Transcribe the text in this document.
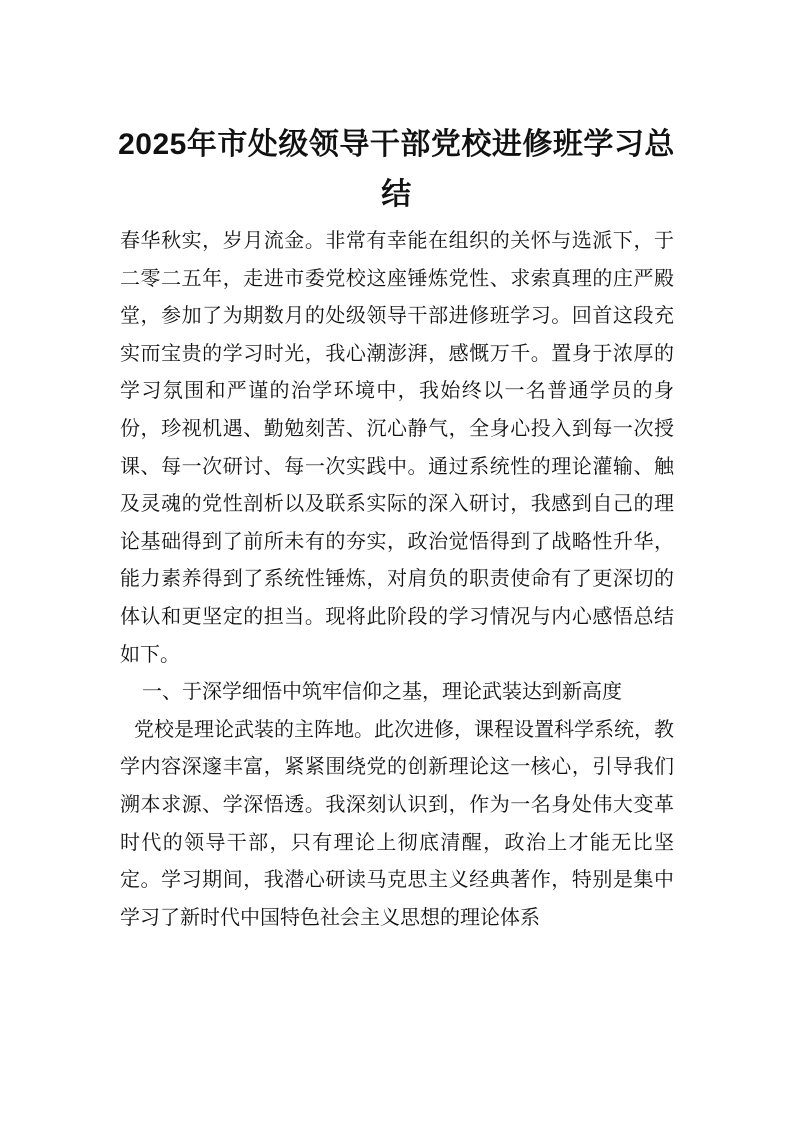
2025年市处级领导干部党校进修班学习总结

春华秋实，岁月流金。非常有幸能在组织的关怀与选派下，于二零二五年，走进市委党校这座锤炼党性、求索真理的庄严殿堂，参加了为期数月的处级领导干部进修班学习。回首这段充实而宝贵的学习时光，我心潮澎湃，感慨万千。置身于浓厚的学习氛围和严谨的治学环境中，我始终以一名普通学员的身份，珍视机遇、勤勉刻苦、沉心静气，全身心投入到每一次授课、每一次研讨、每一次实践中。通过系统性的理论灌输、触及灵魂的党性剖析以及联系实际的深入研讨，我感到自己的理论基础得到了前所未有的夯实，政治觉悟得到了战略性升华，能力素养得到了系统性锤炼，对肩负的职责使命有了更深切的体认和更坚定的担当。现将此阶段的学习情况与内心感悟总结如下。

一、于深学细悟中筑牢信仰之基，理论武装达到新高度

党校是理论武装的主阵地。此次进修，课程设置科学系统，教学内容深邃丰富，紧紧围绕党的创新理论这一核心，引导我们溯本求源、学深悟透。我深刻认识到，作为一名身处伟大变革时代的领导干部，只有理论上彻底清醒，政治上才能无比坚定。学习期间，我潜心研读马克思主义经典著作，特别是集中学习了新时代中国特色社会主义思想的理论体系
